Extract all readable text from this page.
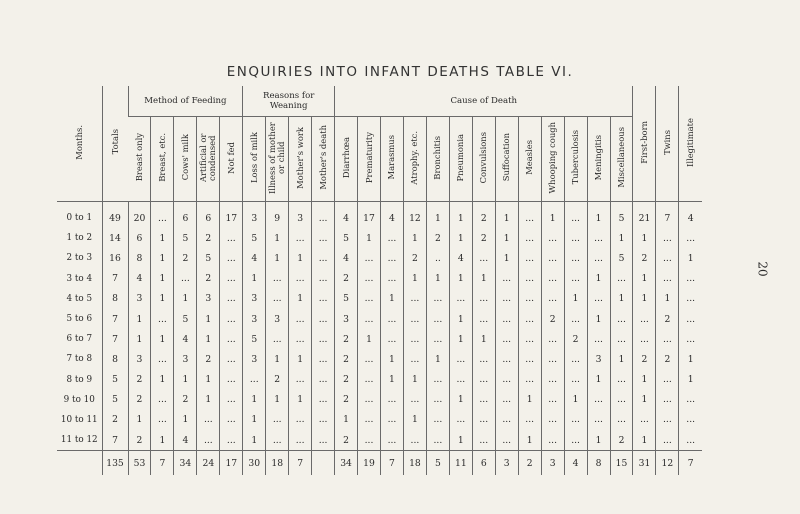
20
ENQUIRIES INTO INFANT DEATHS TABLE VI.
Months.	Totals	Method of Feeding					Reasons for Weaning				Cause of Death													First-born	Twins	Illegitimate
		Breast only	Breast, etc.	Cows' milk	Artificial or condensed	Not fed	Loss of milk	Illness of mother or child	Mother's work	Mother's death	Diarrhœa	Prematurity	Marasmus	Atrophy. etc.	Bronchitis	Pneumonia	Convulsions	Suffocation	Measles	Whooping cough	Tuberculosis	Meningitis	Miscellaneous			
0 to 1	49	20	...	6	6	17	3	9	3	...	4	17	4	12	1	1	2	1	...	1	...	1	5	21	7	4
1 to 2	14	6	1	5	2	...	5	1	...	...	5	1	...	1	2	1	2	1	...	...	...	...	1	1	...	...
2 to 3	16	8	1	2	5	...	4	1	1	...	4	...	...	2	..	4	...	1	...	...	...	...	5	2	...	1
3 to 4	7	4	1	...	2	...	1	...	...	...	2	...	...	1	1	1	1	...	...	...	...	1	...	1	...	...
4 to 5	8	3	1	1	3	...	3	...	1	...	5	...	1	...	...	...	...	...	...	...	1	...	1	1	1	...
5 to 6	7	1	...	5	1	...	3	3	...	...	3	...	...	...	...	1	...	...	...	2	...	1	...	...	2	...
6 to 7	7	1	1	4	1	...	5	...	...	...	2	1	...	...	...	1	1	...	...	...	2	...	...	...	...	...
7 to 8	8	3	...	3	2	...	3	1	1	...	2	...	1	...	1	...	...	...	...	...	...	3	1	2	2	1
8 to 9	5	2	1	1	1	...	...	2	...	...	2	...	1	1	...	...	...	...	...	...	...	1	...	1	...	1
9 to 10	5	2	...	2	1	...	1	1	1	...	2	...	...	...	...	1	...	...	1	...	1	...	...	1	...	...
10 to 11	2	1	...	1	...	...	1	...	...	...	1	...	...	1	...	...	...	...	...	...	...	...	...	...	...	...
11 to 12	7	2	1	4	...	...	1	...	...	...	2	...	...	...	...	1	...	...	1	...	...	1	2	1	...	...
	135	53	7	34	24	17	30	18	7		34	19	7	18	5	11	6	3	2	3	4	8	15	31	12	7
